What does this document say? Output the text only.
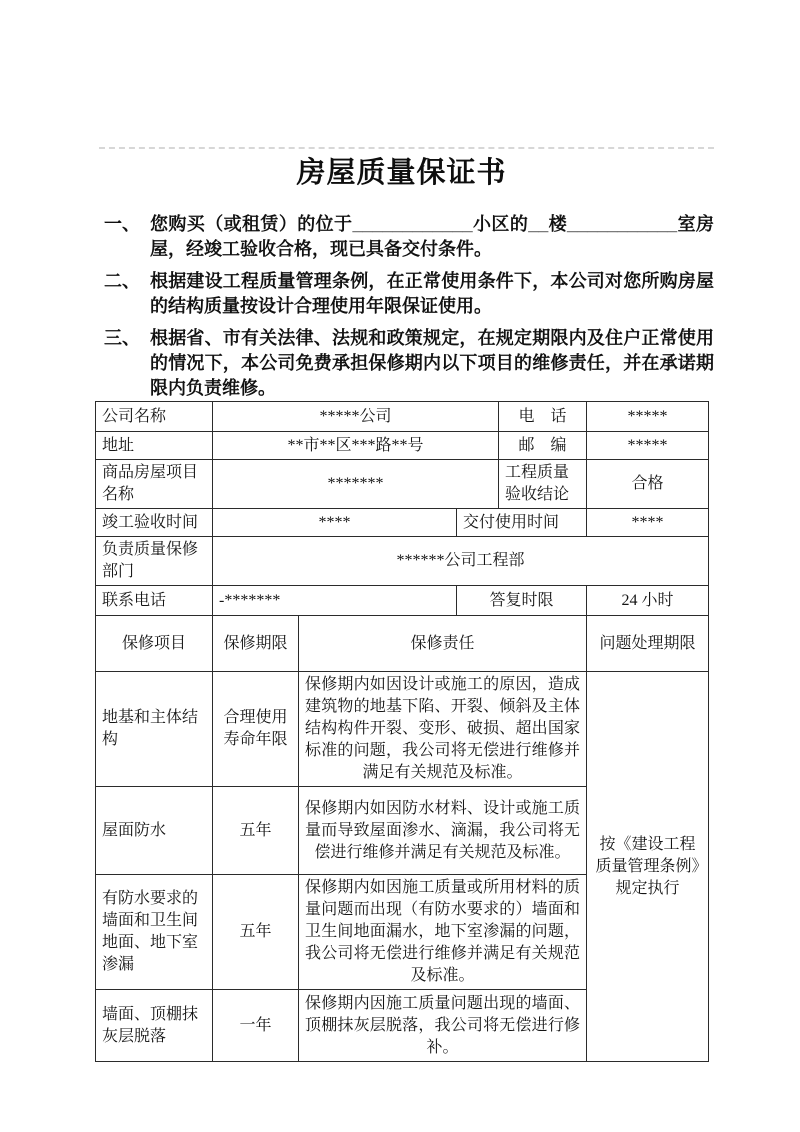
房屋质量保证书
一、 您购买（或租赁）的位于____________小区的__楼___________室房屋，经竣工验收合格，现已具备交付条件。
二、 根据建设工程质量管理条例，在正常使用条件下，本公司对您所购房屋的结构质量按设计合理使用年限保证使用。
三、 根据省、市有关法律、法规和政策规定，在规定期限内及住户正常使用的情况下，本公司免费承担保修期内以下项目的维修责任，并在承诺期限内负责维修。
公司名称	*****公司			电　话	*****
地址	**市**区***路**号			邮　编	*****
商品房屋项目名称	*******			工程质量验收结论	合格
竣工验收时间	****		交付使用时间		****
负责质量保修部门	******公司工程部				
联系电话	-*******		答复时限		24 小时
保修项目	保修期限	保修责任			问题处理期限
地基和主体结构	合理使用寿命年限	保修期内如因设计或施工的原因，造成建筑物的地基下陷、开裂、倾斜及主体结构构件开裂、变形、破损、超出国家标准的问题，我公司将无偿进行维修并满足有关规范及标准。			按《建设工程质量管理条例》规定执行
屋面防水	五年	保修期内如因防水材料、设计或施工质量而导致屋面渗水、滴漏，我公司将无偿进行维修并满足有关规范及标准。			
有防水要求的墙面和卫生间地面、地下室渗漏	五年	保修期内如因施工质量或所用材料的质量问题而出现（有防水要求的）墙面和卫生间地面漏水，地下室渗漏的问题，我公司将无偿进行维修并满足有关规范及标准。			
墙面、顶棚抹灰层脱落	一年	保修期内因施工质量问题出现的墙面、顶棚抹灰层脱落，我公司将无偿进行修补。			
